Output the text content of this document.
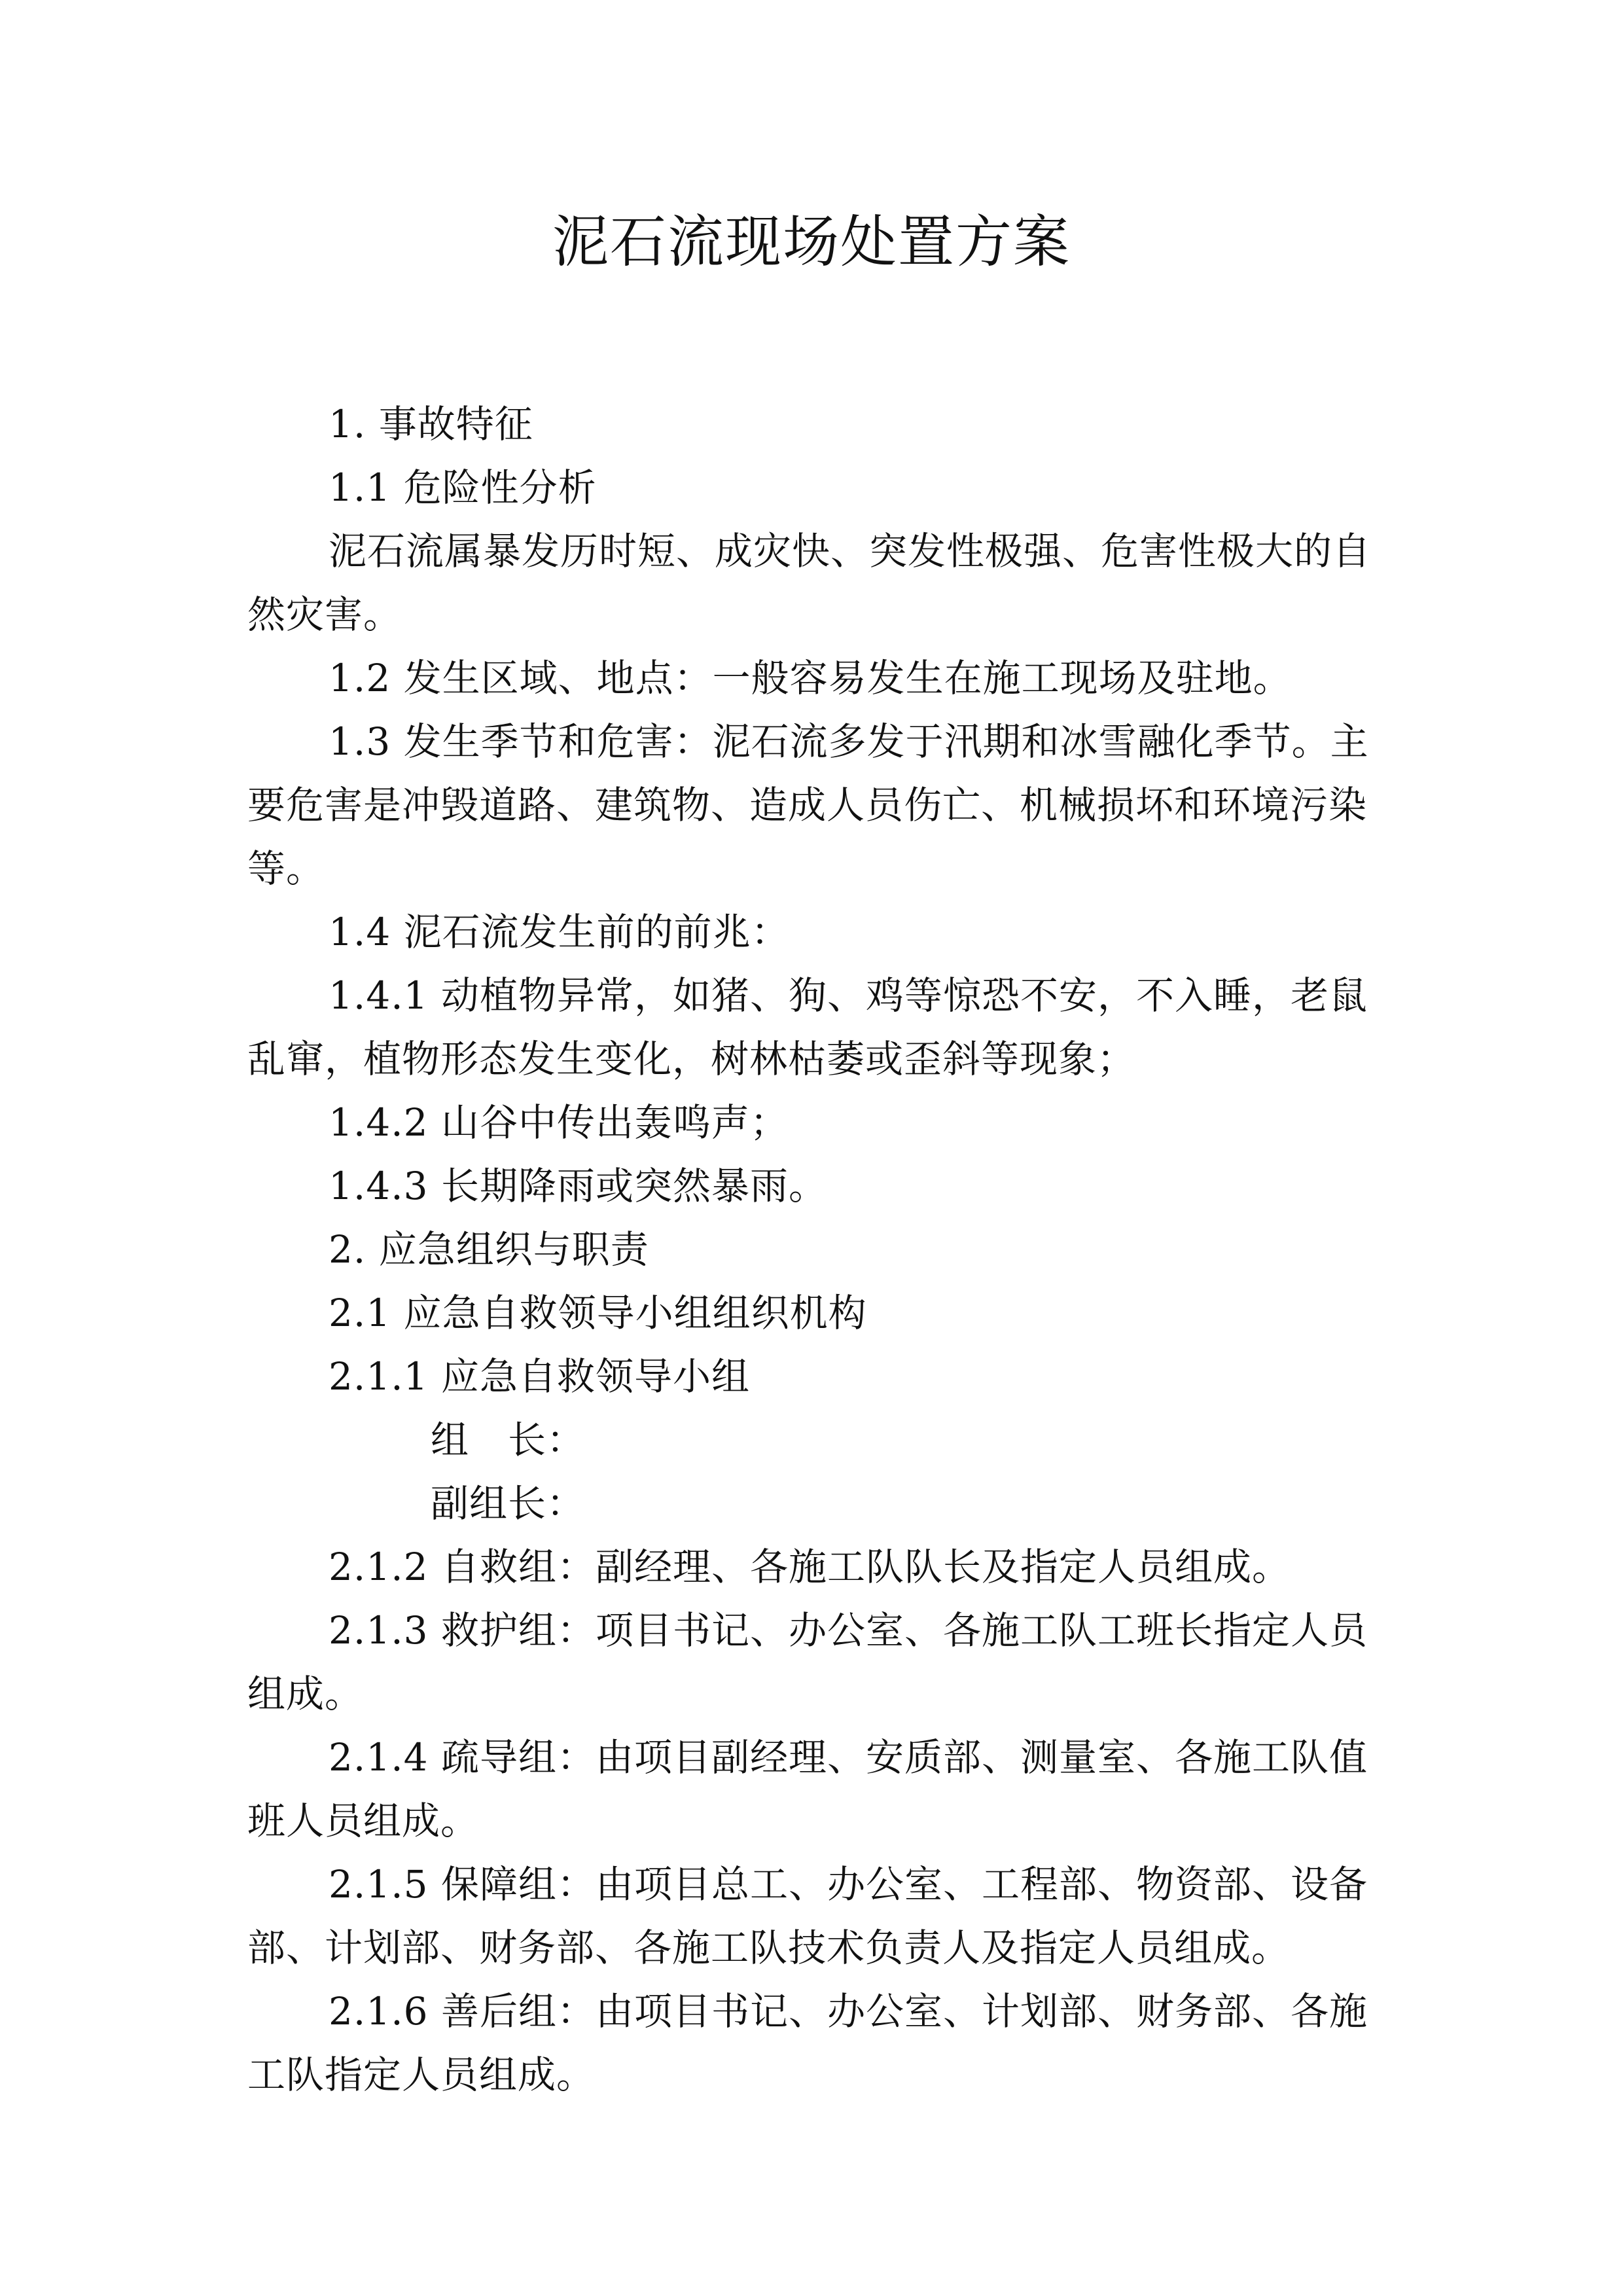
泥石流现场处置方案

1. 事故特征

1.1 危险性分析

泥石流属暴发历时短、成灾快、突发性极强、危害性极大的自然灾害。

1.2 发生区域、地点：一般容易发生在施工现场及驻地。

1.3 发生季节和危害：泥石流多发于汛期和冰雪融化季节。主要危害是冲毁道路、建筑物、造成人员伤亡、机械损坏和环境污染等。

1.4 泥石流发生前的前兆：

1.4.1 动植物异常，如猪、狗、鸡等惊恐不安，不入睡，老鼠乱窜，植物形态发生变化，树林枯萎或歪斜等现象；

1.4.2 山谷中传出轰鸣声；

1.4.3 长期降雨或突然暴雨。

2. 应急组织与职责

2.1 应急自救领导小组组织机构

2.1.1 应急自救领导小组

组　长：

副组长：

2.1.2 自救组：副经理、各施工队队长及指定人员组成。

2.1.3 救护组：项目书记、办公室、各施工队工班长指定人员组成。

2.1.4 疏导组：由项目副经理、安质部、测量室、各施工队值班人员组成。

2.1.5 保障组：由项目总工、办公室、工程部、物资部、设备部、计划部、财务部、各施工队技术负责人及指定人员组成。

2.1.6 善后组：由项目书记、办公室、计划部、财务部、各施工队指定人员组成。
